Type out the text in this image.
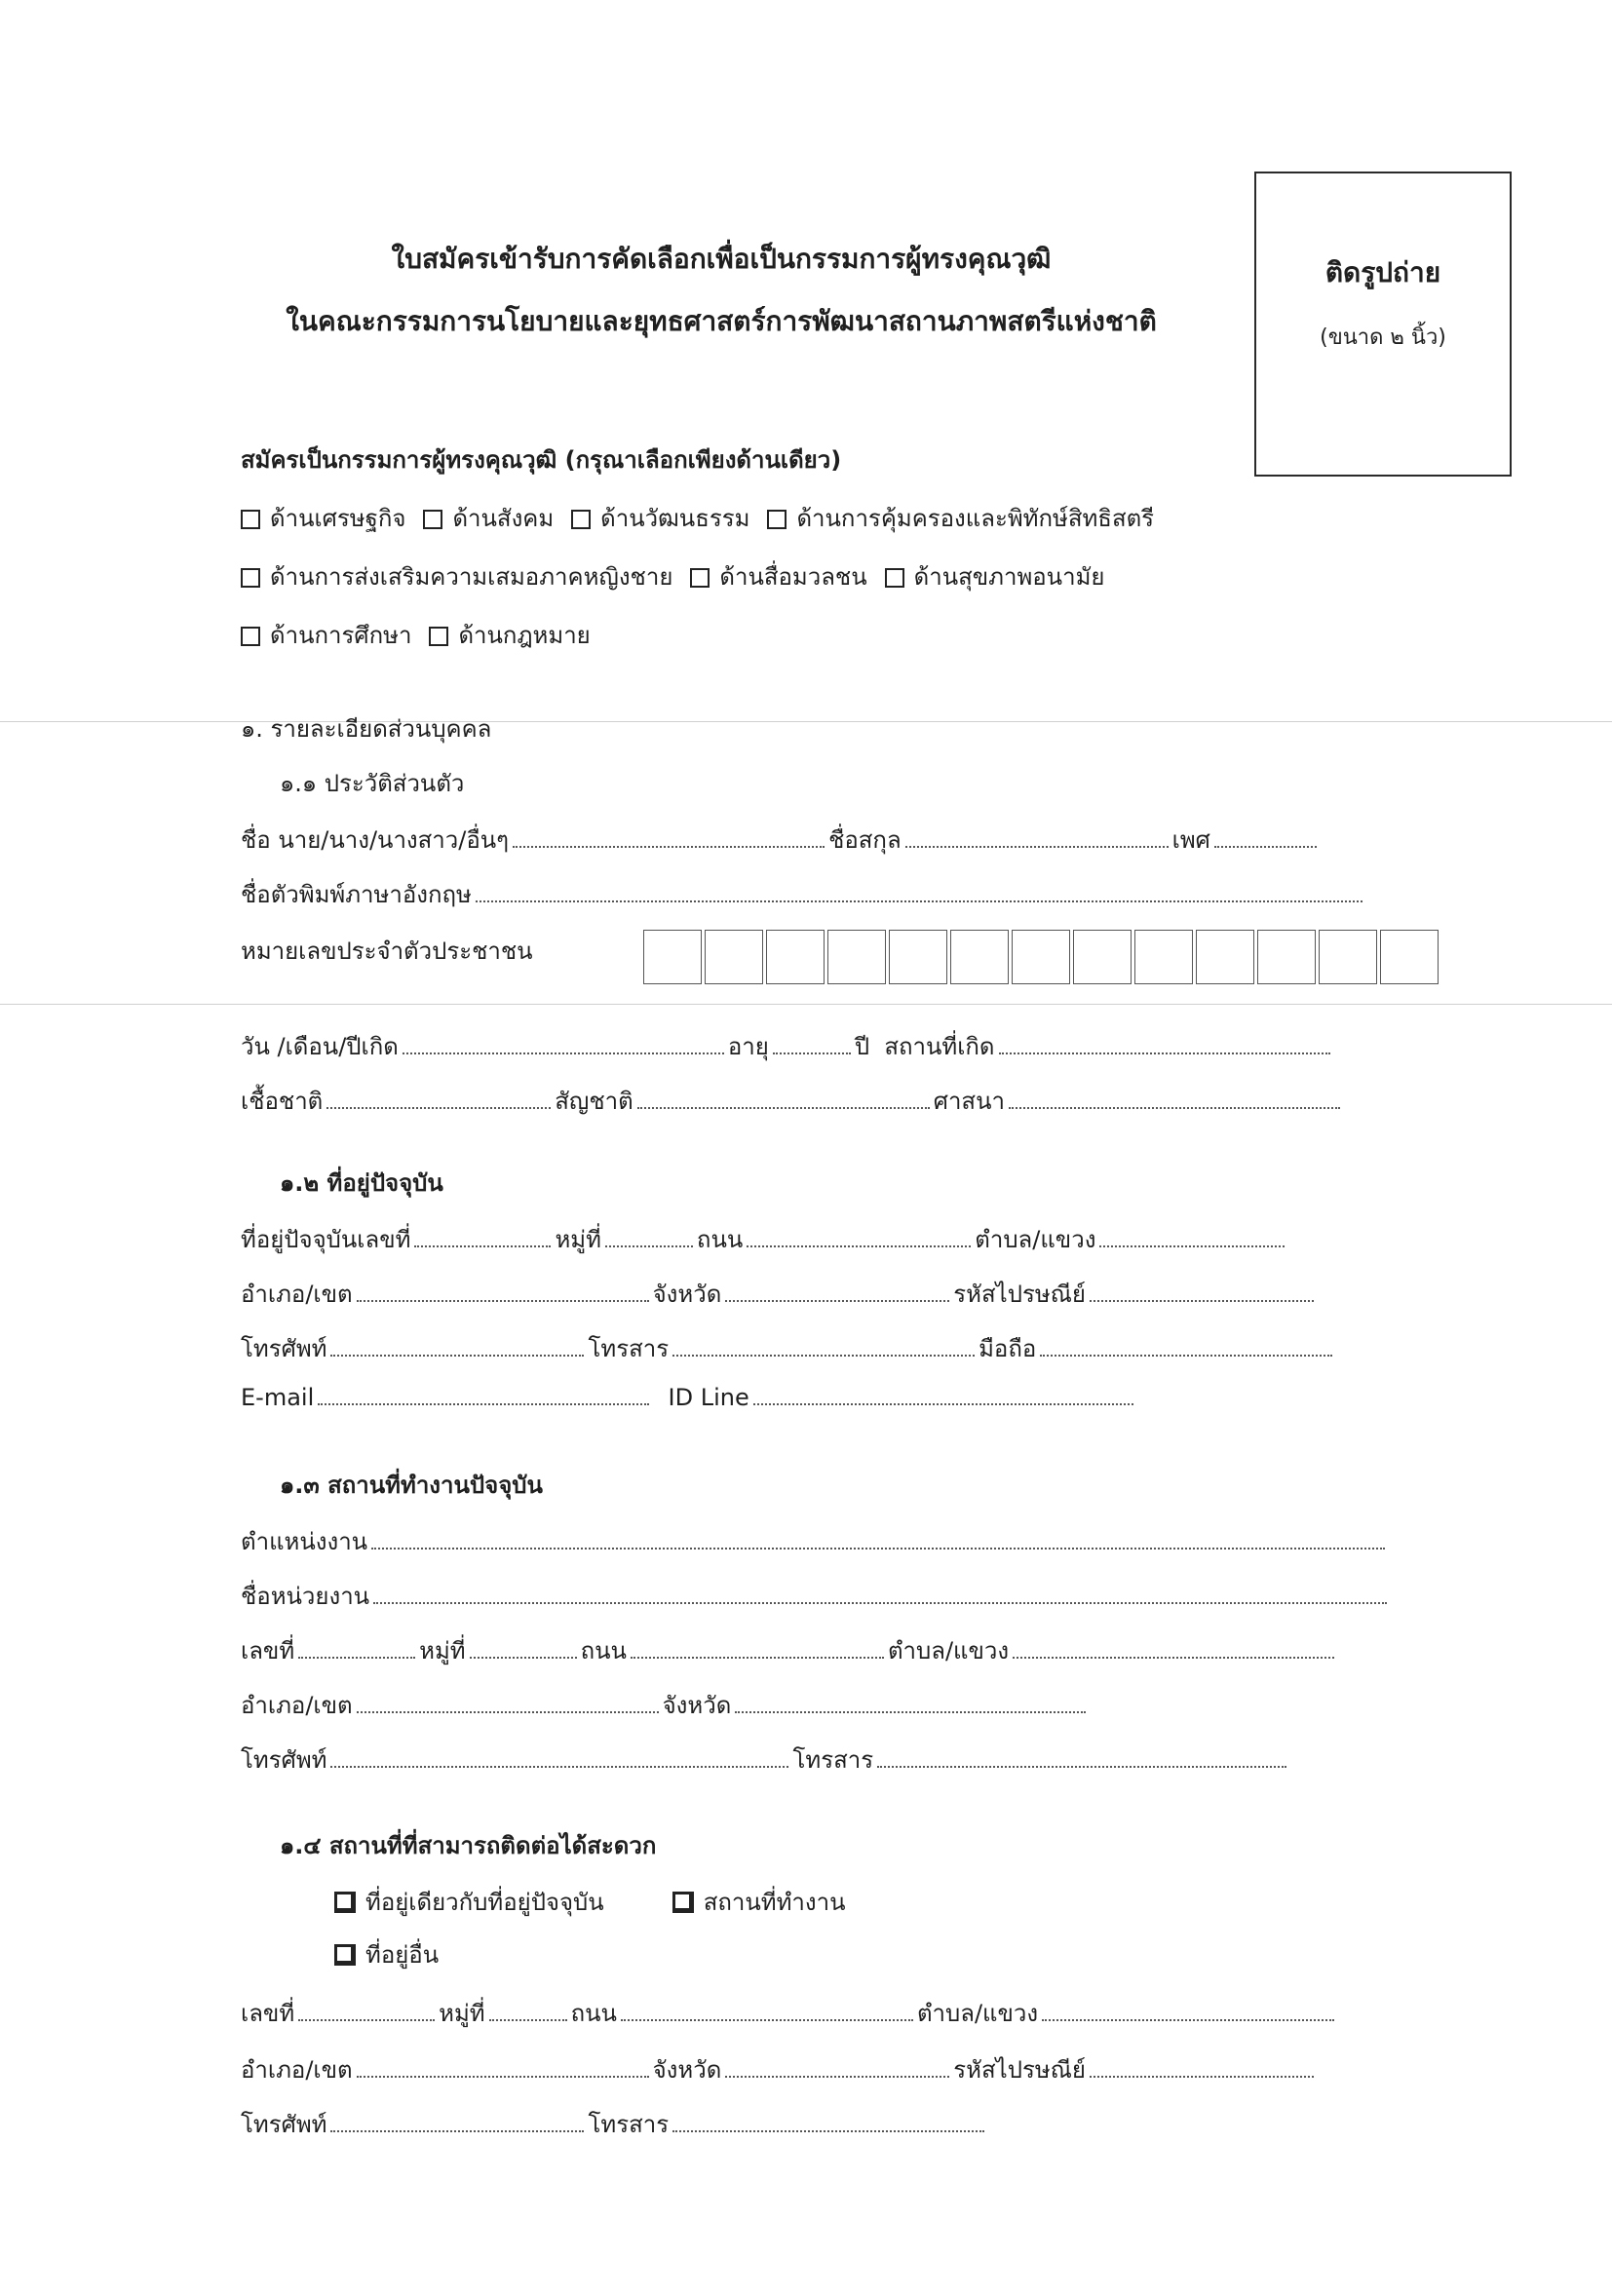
ติดรูปถ่าย
(ขนาด ๒ นิ้ว)
ใบสมัครเข้ารับการคัดเลือกเพื่อเป็นกรรมการผู้ทรงคุณวุฒิ
ในคณะกรรมการนโยบายและยุทธศาสตร์การพัฒนาสถานภาพสตรีแห่งชาติ
สมัครเป็นกรรมการผู้ทรงคุณวุฒิ (กรุณาเลือกเพียงด้านเดียว)
ด้านเศรษฐกิจ ด้านสังคม ด้านวัฒนธรรม ด้านการคุ้มครองและพิทักษ์สิทธิสตรี
ด้านการส่งเสริมความเสมอภาคหญิงชาย ด้านสื่อมวลชน ด้านสุขภาพอนามัย
ด้านการศึกษา ด้านกฎหมาย
๑. รายละเอียดส่วนบุคคล
๑.๑ ประวัติส่วนตัว
ชื่อ นาย/นาง/นางสาว/อื่นๆ	ชื่อสกุล	เพศ
ชื่อตัวพิมพ์ภาษาอังกฤษ
หมายเลขประจำตัวประชาชน
วัน /เดือน/ปีเกิด	อายุ	ปี สถานที่เกิด
เชื้อชาติ	สัญชาติ	ศาสนา
๑.๒ ที่อยู่ปัจจุบัน
ที่อยู่ปัจจุบันเลขที่	หมู่ที่	ถนน	ตำบล/แขวง
อำเภอ/เขต	จังหวัด	รหัสไปรษณีย์
โทรศัพท์	โทรสาร	มือถือ
E-mail	ID Line
๑.๓ สถานที่ทำงานปัจจุบัน
ตำแหน่งงาน
ชื่อหน่วยงาน
เลขที่	หมู่ที่	ถนน	ตำบล/แขวง
อำเภอ/เขต	จังหวัด
โทรศัพท์	โทรสาร
๑.๔ สถานที่ที่สามารถติดต่อได้สะดวก
ที่อยู่เดียวกับที่อยู่ปัจจุบัน	สถานที่ทำงาน
ที่อยู่อื่น
เลขที่	หมู่ที่	ถนน	ตำบล/แขวง
อำเภอ/เขต	จังหวัด	รหัสไปรษณีย์
โทรศัพท์	โทรสาร
